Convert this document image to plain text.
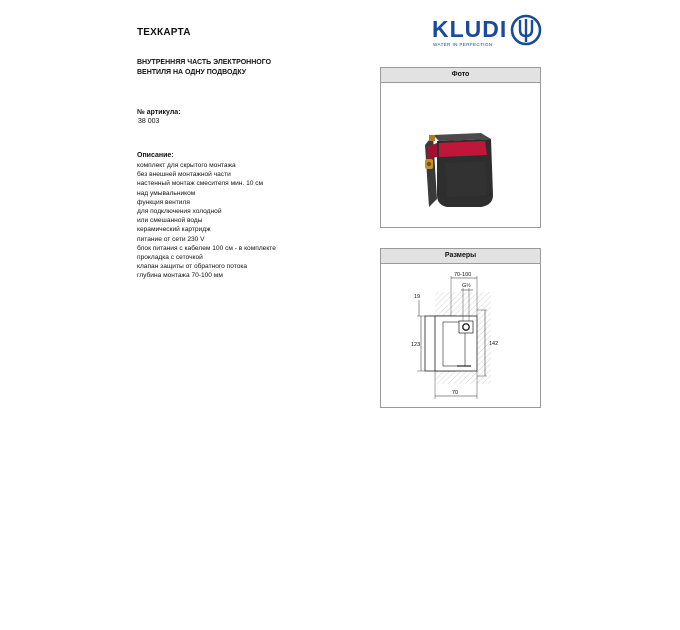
ТЕХКАРТА
ВНУТРЕННЯЯ ЧАСТЬ ЭЛЕКТРОННОГО
ВЕНТИЛЯ НА ОДНУ ПОДВОДКУ
KLUDI
WATER IN PERFECTION
№ артикула:
38 003
Описание:
комплект для скрытого монтажа
без внешней монтажной части
настенный монтаж смесителя мин. 10 см
над умывальником
функция вентиля
для подключения холодной
или смешанной воды
керамический картридж
питание от сети 230 V
блок питания с кабелем 100 см - в комплекте
прокладка с сеточкой
клапан защиты от обратного потока
глубина монтажа 70-100 мм
Фото
Размеры
70-100
G½
19
123	142
70
